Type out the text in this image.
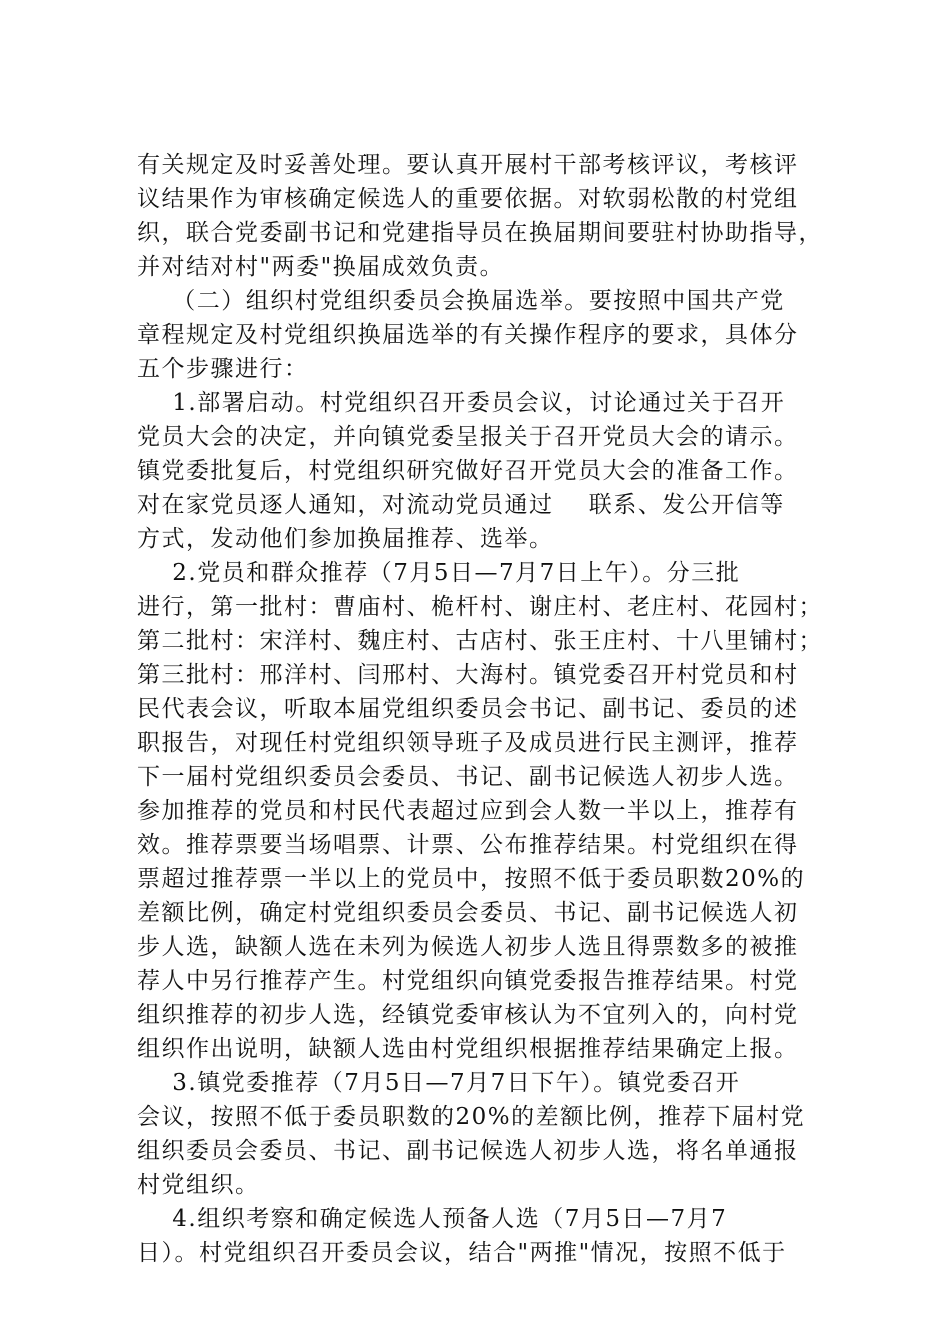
有关规定及时妥善处理。要认真开展村干部考核评议，考核评
议结果作为审核确定候选人的重要依据。对软弱松散的村党组
织，联合党委副书记和党建指导员在换届期间要驻村协助指导，
并对结对村"两委"换届成效负责。
（二）组织村党组织委员会换届选举。要按照中国共产党
章程规定及村党组织换届选举的有关操作程序的要求，具体分
五个步骤进行：
1.部署启动。村党组织召开委员会议，讨论通过关于召开
党员大会的决定，并向镇党委呈报关于召开党员大会的请示。
镇党委批复后，村党组织研究做好召开党员大会的准备工作。
对在家党员逐人通知，对流动党员通过    联系、发公开信等
方式，发动他们参加换届推荐、选举。
2.党员和群众推荐（7月5日—7月7日上午）。分三批
进行，第一批村：曹庙村、桅杆村、谢庄村、老庄村、花园村；
第二批村：宋洋村、魏庄村、古店村、张王庄村、十八里铺村；
第三批村：邢洋村、闫邢村、大海村。镇党委召开村党员和村
民代表会议，听取本届党组织委员会书记、副书记、委员的述
职报告，对现任村党组织领导班子及成员进行民主测评，推荐
下一届村党组织委员会委员、书记、副书记候选人初步人选。
参加推荐的党员和村民代表超过应到会人数一半以上，推荐有
效。推荐票要当场唱票、计票、公布推荐结果。村党组织在得
票超过推荐票一半以上的党员中，按照不低于委员职数20%的
差额比例，确定村党组织委员会委员、书记、副书记候选人初
步人选，缺额人选在未列为候选人初步人选且得票数多的被推
荐人中另行推荐产生。村党组织向镇党委报告推荐结果。村党
组织推荐的初步人选，经镇党委审核认为不宜列入的，向村党
组织作出说明，缺额人选由村党组织根据推荐结果确定上报。
3.镇党委推荐（7月5日—7月7日下午）。镇党委召开
会议，按照不低于委员职数的20%的差额比例，推荐下届村党
组织委员会委员、书记、副书记候选人初步人选，将名单通报
村党组织。
4.组织考察和确定候选人预备人选（7月5日—7月7
日）。村党组织召开委员会议，结合"两推"情况，按照不低于
